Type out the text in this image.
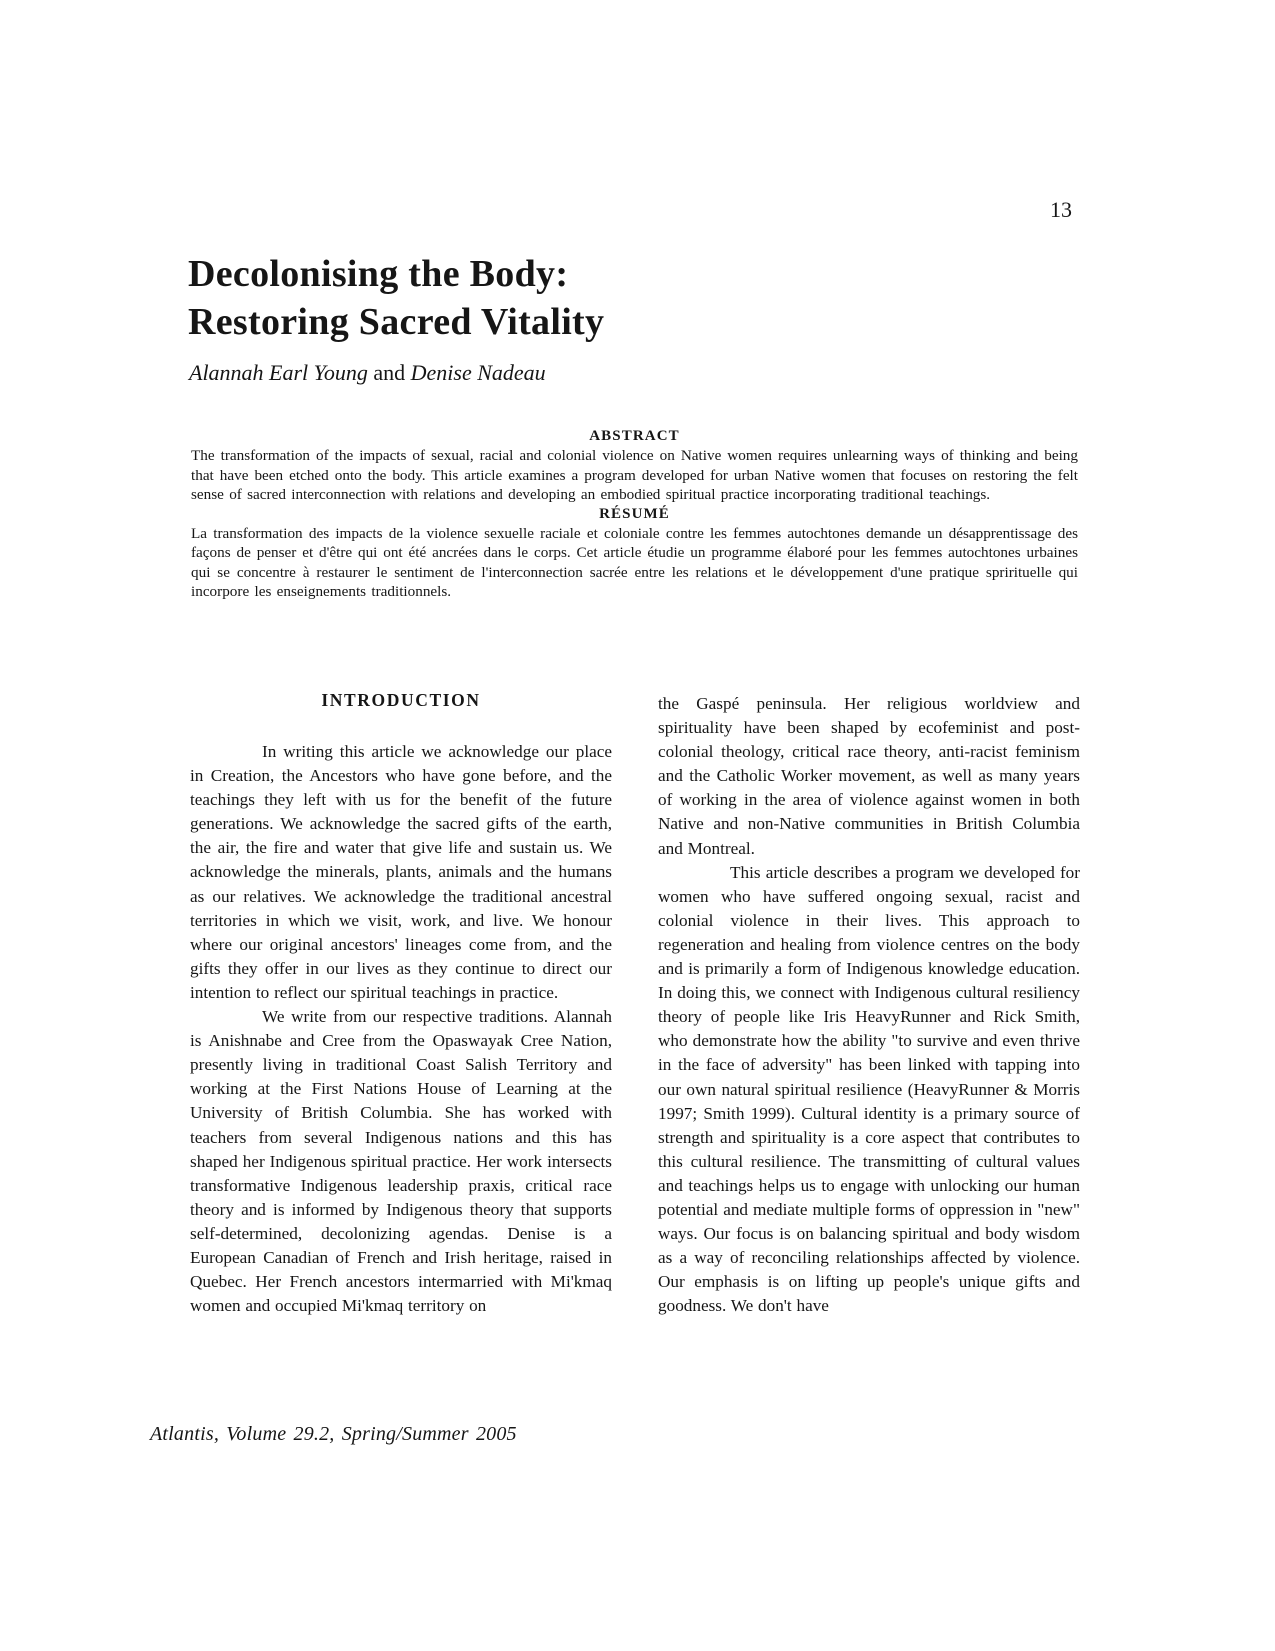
13
Decolonising the Body:
Restoring Sacred Vitality
Alannah Earl Young and Denise Nadeau
ABSTRACT

The transformation of the impacts of sexual, racial and colonial violence on Native women requires unlearning ways of thinking and being that have been etched onto the body. This article examines a program developed for urban Native women that focuses on restoring the felt sense of sacred interconnection with relations and developing an embodied spiritual practice incorporating traditional teachings.

RÉSUMÉ

La transformation des impacts de la violence sexuelle raciale et coloniale contre les femmes autochtones demande un désapprentissage des façons de penser et d'être qui ont été ancrées dans le corps. Cet article étudie un programme élaboré pour les femmes autochtones urbaines qui se concentre à restaurer le sentiment de l'interconnection sacrée entre les relations et le développement d'une pratique sprirituelle qui incorpore les enseignements traditionnels.

INTRODUCTION

In writing this article we acknowledge our place in Creation, the Ancestors who have gone before, and the teachings they left with us for the benefit of the future generations. We acknowledge the sacred gifts of the earth, the air, the fire and water that give life and sustain us. We acknowledge the minerals, plants, animals and the humans as our relatives. We acknowledge the traditional ancestral territories in which we visit, work, and live. We honour where our original ancestors' lineages come from, and the gifts they offer in our lives as they continue to direct our intention to reflect our spiritual teachings in practice.

We write from our respective traditions. Alannah is Anishnabe and Cree from the Opaswayak Cree Nation, presently living in traditional Coast Salish Territory and working at the First Nations House of Learning at the University of British Columbia. She has worked with teachers from several Indigenous nations and this has shaped her Indigenous spiritual practice. Her work intersects transformative Indigenous leadership praxis, critical race theory and is informed by Indigenous theory that supports self-determined, decolonizing agendas. Denise is a European Canadian of French and Irish heritage, raised in Quebec. Her French ancestors intermarried with Mi'kmaq women and occupied Mi'kmaq territory on

the Gaspé peninsula. Her religious worldview and spirituality have been shaped by ecofeminist and post-colonial theology, critical race theory, anti-racist feminism and the Catholic Worker movement, as well as many years of working in the area of violence against women in both Native and non-Native communities in British Columbia and Montreal.

This article describes a program we developed for women who have suffered ongoing sexual, racist and colonial violence in their lives. This approach to regeneration and healing from violence centres on the body and is primarily a form of Indigenous knowledge education. In doing this, we connect with Indigenous cultural resiliency theory of people like Iris HeavyRunner and Rick Smith, who demonstrate how the ability "to survive and even thrive in the face of adversity" has been linked with tapping into our own natural spiritual resilience (HeavyRunner & Morris 1997; Smith 1999). Cultural identity is a primary source of strength and spirituality is a core aspect that contributes to this cultural resilience. The transmitting of cultural values and teachings helps us to engage with unlocking our human potential and mediate multiple forms of oppression in "new" ways. Our focus is on balancing spiritual and body wisdom as a way of reconciling relationships affected by violence. Our emphasis is on lifting up people's unique gifts and goodness. We don't have

Atlantis, Volume 29.2, Spring/Summer 2005
